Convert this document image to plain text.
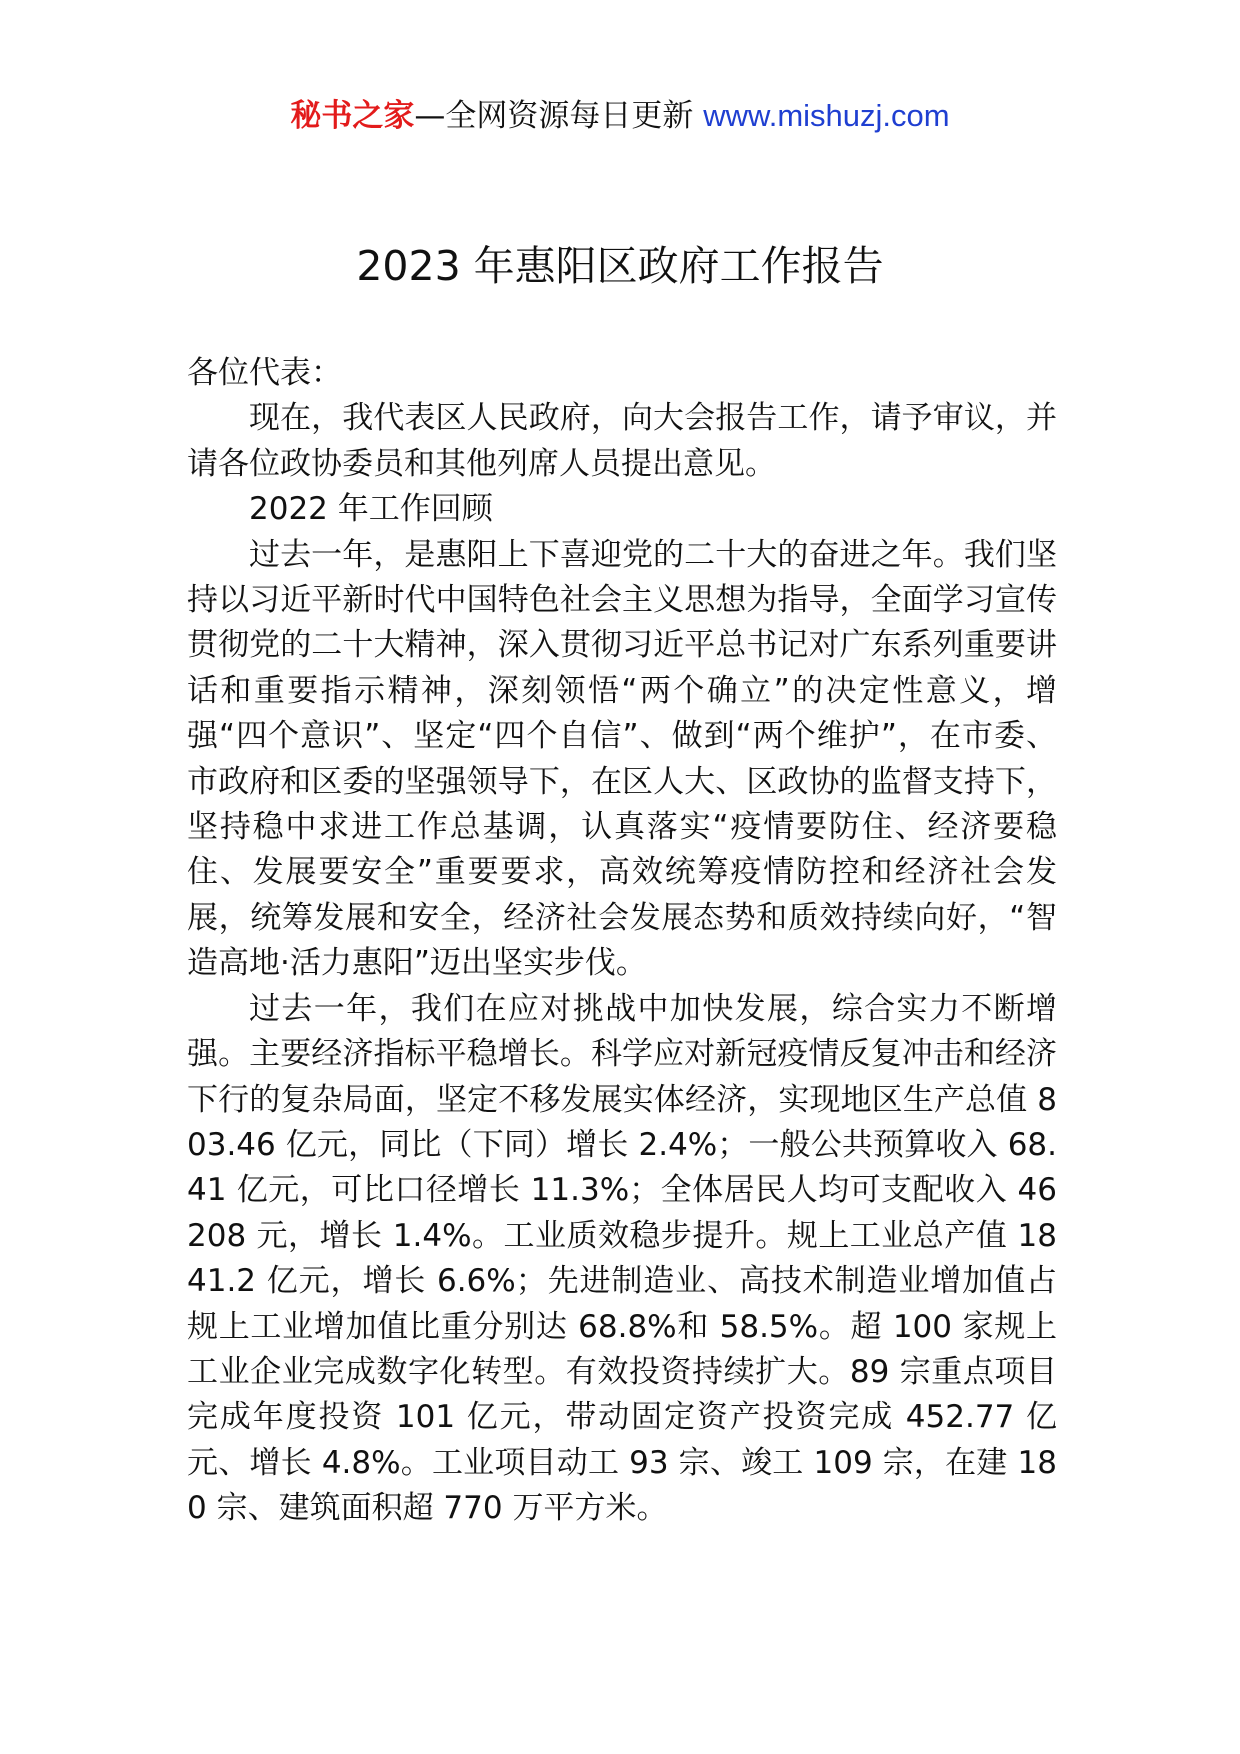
秘书之家—全网资源每日更新 www.mishuzj.com
2023 年惠阳区政府工作报告

各位代表：

现在，我代表区人民政府，向大会报告工作，请予审议，并请各位政协委员和其他列席人员提出意见。

2022 年工作回顾

过去一年，是惠阳上下喜迎党的二十大的奋进之年。我们坚持以习近平新时代中国特色社会主义思想为指导，全面学习宣传贯彻党的二十大精神，深入贯彻习近平总书记对广东系列重要讲话和重要指示精神，深刻领悟“两个确立”的决定性意义，增强“四个意识”、坚定“四个自信”、做到“两个维护”，在市委、市政府和区委的坚强领导下，在区人大、区政协的监督支持下，坚持稳中求进工作总基调，认真落实“疫情要防住、经济要稳住、发展要安全”重要要求，高效统筹疫情防控和经济社会发展，统筹发展和安全，经济社会发展态势和质效持续向好，“智造高地·活力惠阳”迈出坚实步伐。

过去一年，我们在应对挑战中加快发展，综合实力不断增强。主要经济指标平稳增长。科学应对新冠疫情反复冲击和经济下行的复杂局面，坚定不移发展实体经济，实现地区生产总值 803.46 亿元，同比（下同）增长 2.4%；一般公共预算收入 68.41 亿元，可比口径增长 11.3%；全体居民人均可支配收入 46208 元，增长 1.4%。工业质效稳步提升。规上工业总产值 1841.2 亿元，增长 6.6%；先进制造业、高技术制造业增加值占规上工业增加值比重分别达 68.8%和 58.5%。超 100 家规上工业企业完成数字化转型。有效投资持续扩大。89 宗重点项目完成年度投资 101 亿元，带动固定资产投资完成 452.77 亿元、增长 4.8%。工业项目动工 93 宗、竣工 109 宗，在建 180 宗、建筑面积超 770 万平方米。
